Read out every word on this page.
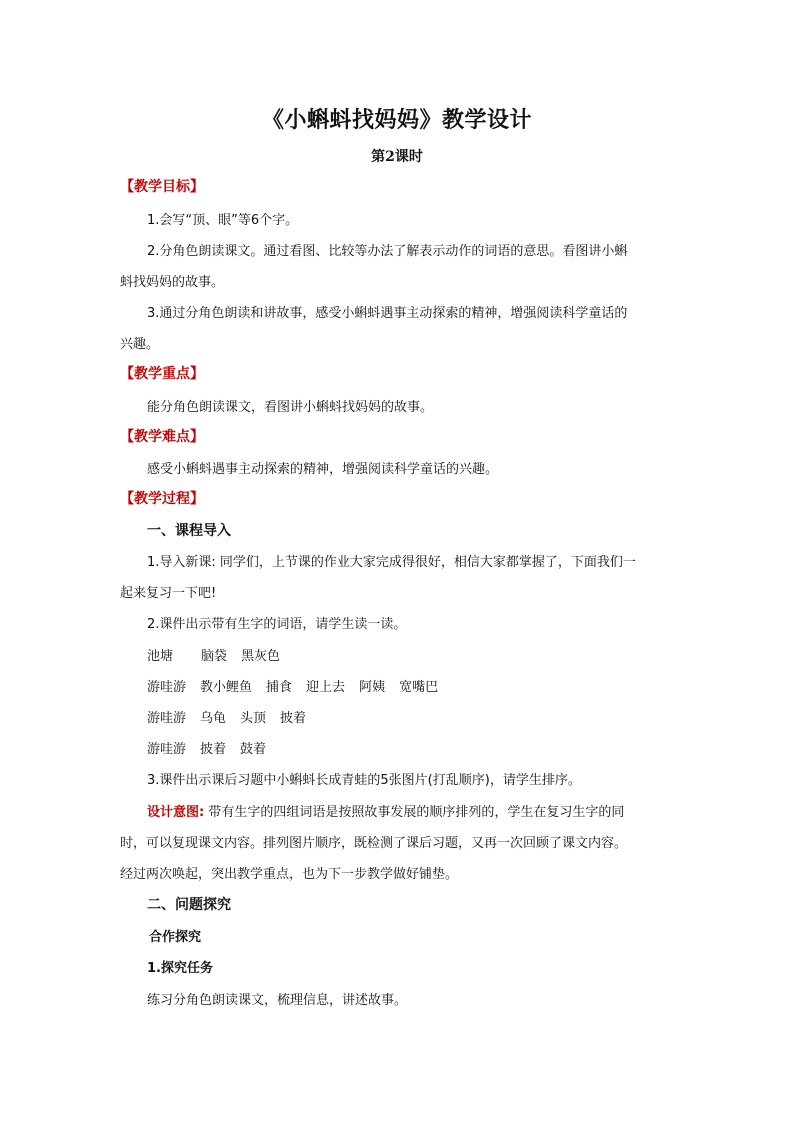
《小蝌蚪找妈妈》教学设计
第2课时
【教学目标】
1.会写“顶、眼”等6个字。
2.分角色朗读课文。通过看图、比较等办法了解表示动作的词语的意思。看图讲小蝌
蚪找妈妈的故事。
3.通过分角色朗读和讲故事，感受小蝌蚪遇事主动探索的精神，增强阅读科学童话的
兴趣。
【教学重点】
能分角色朗读课文，看图讲小蝌蚪找妈妈的故事。
【教学难点】
感受小蝌蚪遇事主动探索的精神，增强阅读科学童话的兴趣。
【教学过程】
一、课程导入
1.导入新课: 同学们，上节课的作业大家完成得很好，相信大家都掌握了，下面我们一
起来复习一下吧!
2.课件出示带有生字的词语，请学生读一读。
池塘 脑袋 黑灰色
游哇游 教小鲤鱼 捕食 迎上去 阿姨 宽嘴巴
游哇游 乌龟 头顶 披着
游哇游 披着 鼓着
3.课件出示课后习题中小蝌蚪长成青蛙的5张图片(打乱顺序)，请学生排序。
设计意图: 带有生字的四组词语是按照故事发展的顺序排列的，学生在复习生字的同
时，可以复现课文内容。排列图片顺序，既检测了课后习题，又再一次回顾了课文内容。
经过两次唤起，突出教学重点，也为下一步教学做好铺垫。
二、问题探究
合作探究
1.探究任务
练习分角色朗读课文，梳理信息，讲述故事。
